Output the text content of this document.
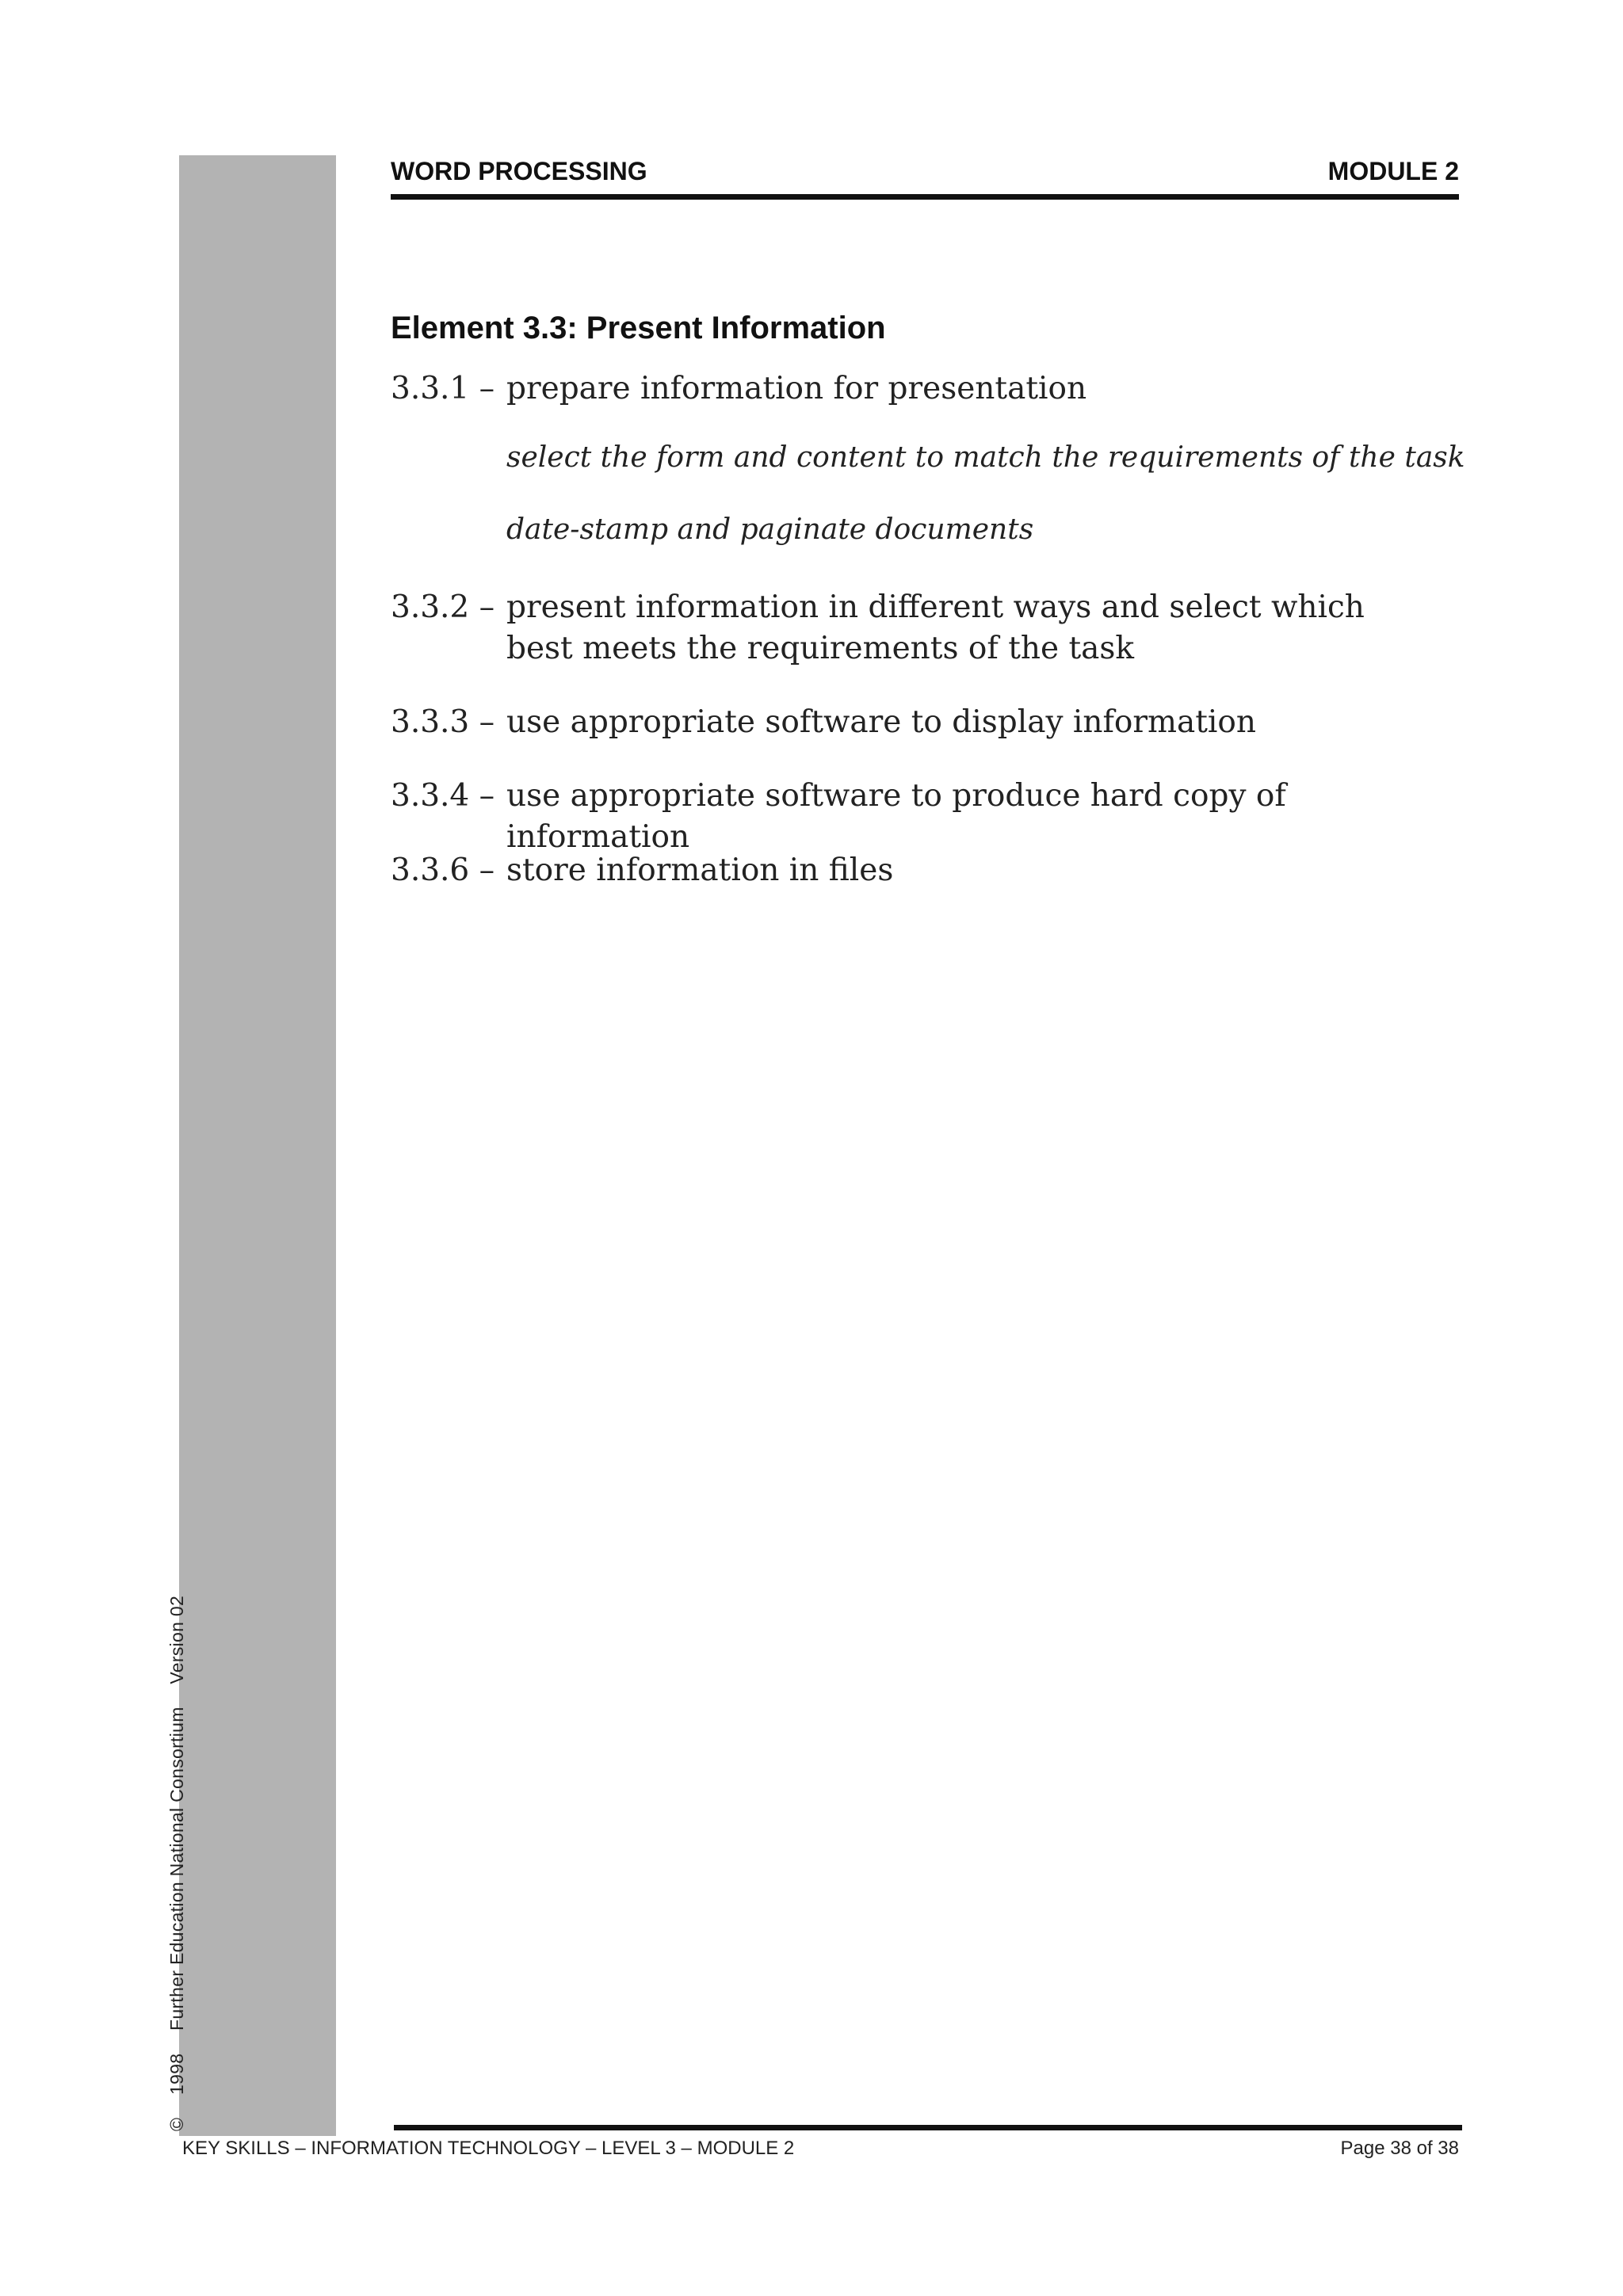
© 1998 Further Education National Consortium Version 02
WORD PROCESSING	MODULE 2
Element 3.3: Present Information
3.3.1 – prepare information for presentation
select the form and content to match the requirements of the task
date-stamp and paginate documents
3.3.2 – present information in different ways and select which best meets the requirements of the task
3.3.3 – use appropriate software to display information
3.3.4 – use appropriate software to produce hard copy of information
3.3.6 – store information in files
KEY SKILLS – INFORMATION TECHNOLOGY – LEVEL 3 – MODULE 2	Page 38 of 38
